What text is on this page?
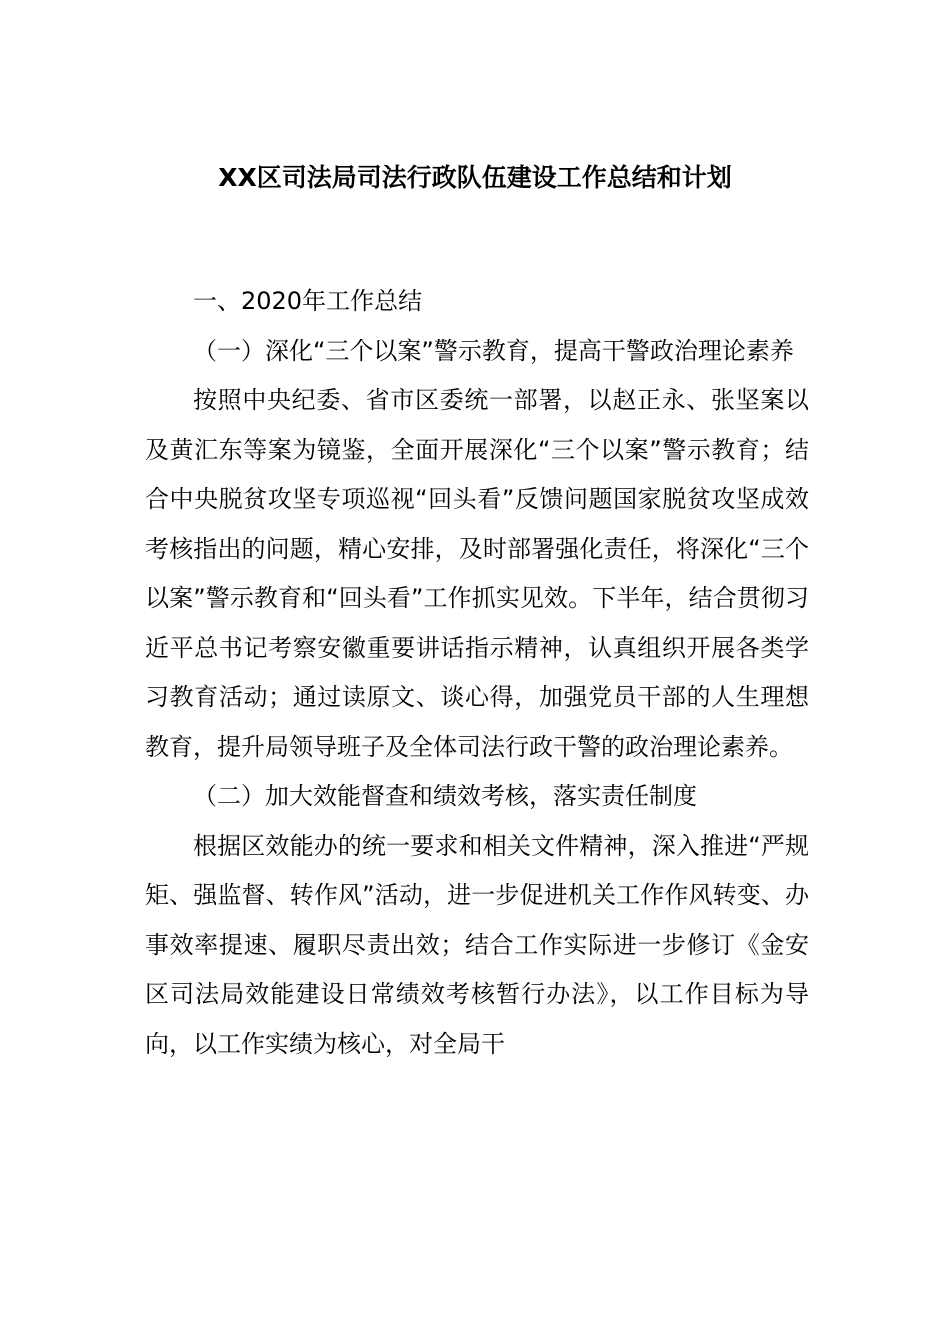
XX区司法局司法行政队伍建设工作总结和计划

一、2020年工作总结

（一）深化“三个以案”警示教育，提高干警政治理论素养

按照中央纪委、省市区委统一部署，以赵正永、张坚案以及黄汇东等案为镜鉴，全面开展深化“三个以案”警示教育；结合中央脱贫攻坚专项巡视“回头看”反馈问题国家脱贫攻坚成效考核指出的问题，精心安排，及时部署强化责任，将深化“三个以案”警示教育和“回头看”工作抓实见效。下半年，结合贯彻习近平总书记考察安徽重要讲话指示精神，认真组织开展各类学习教育活动；通过读原文、谈心得，加强党员干部的人生理想教育，提升局领导班子及全体司法行政干警的政治理论素养。

（二）加大效能督查和绩效考核，落实责任制度

根据区效能办的统一要求和相关文件精神，深入推进“严规矩、强监督、转作风”活动，进一步促进机关工作作风转变、办事效率提速、履职尽责出效；结合工作实际进一步修订《金安区司法局效能建设日常绩效考核暂行办法》，以工作目标为导向，以工作实绩为核心，对全局干
